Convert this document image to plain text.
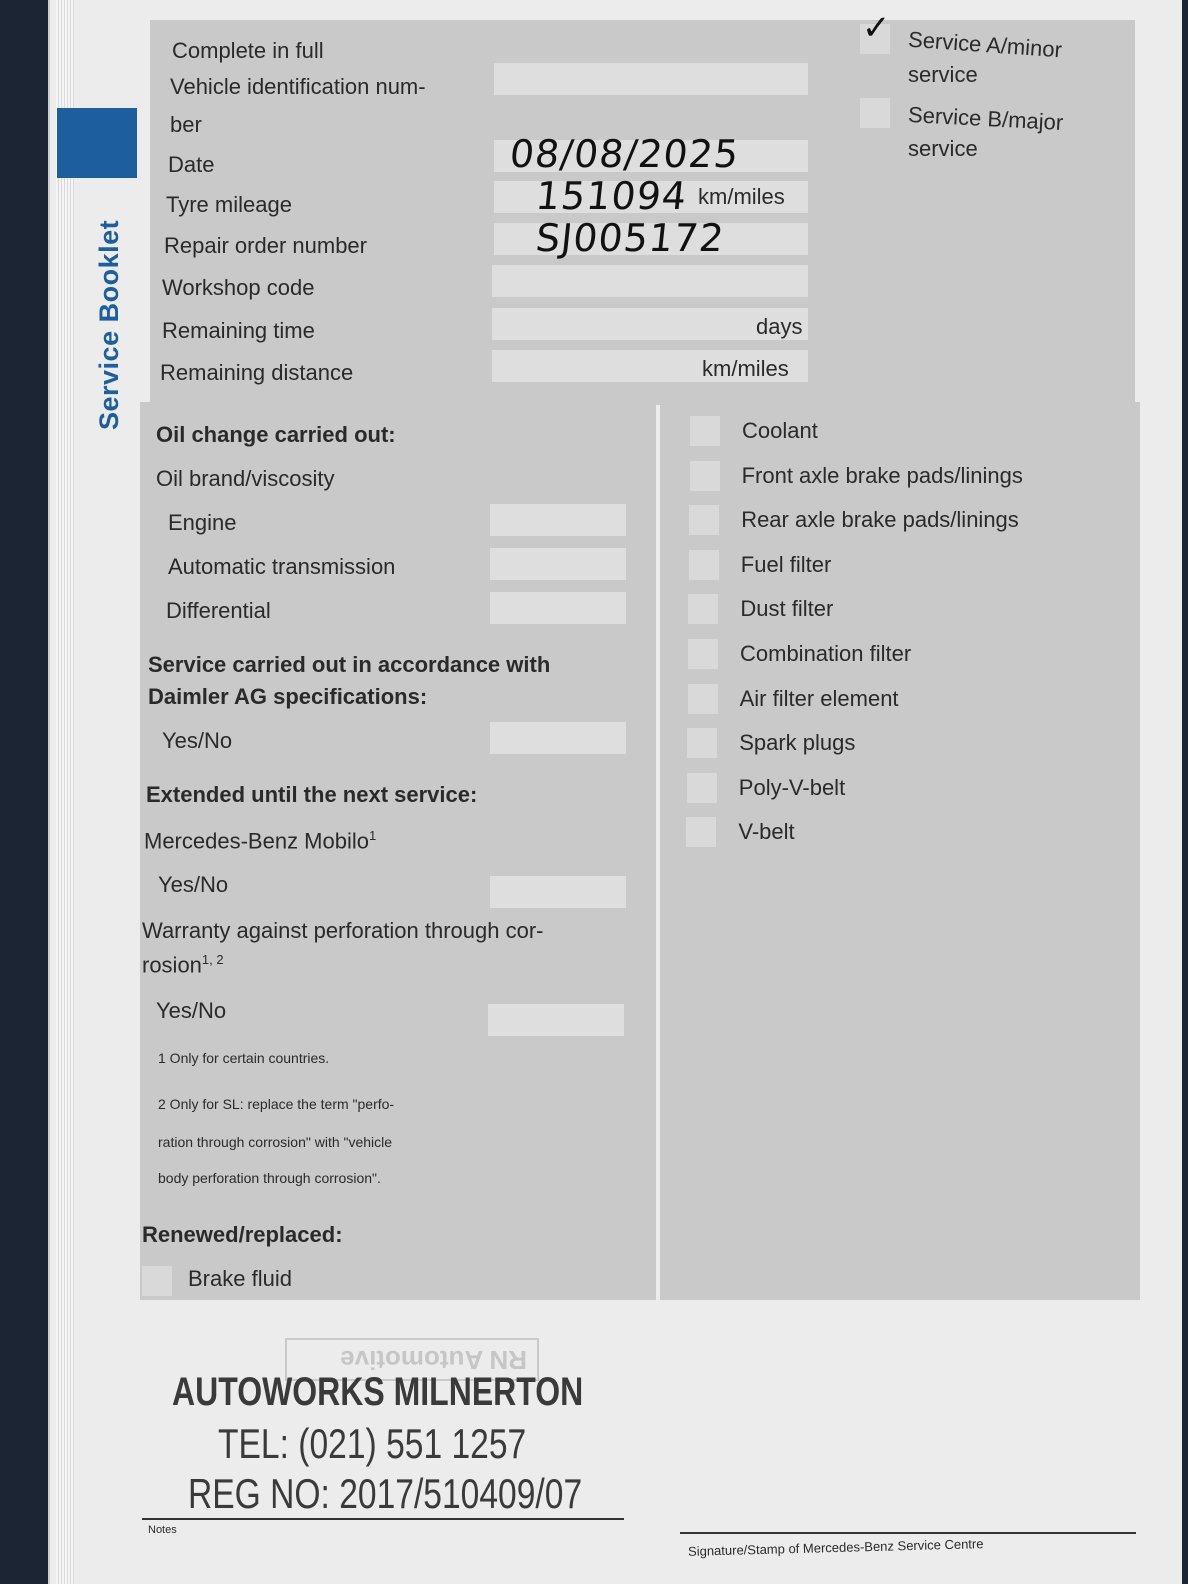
Service Booklet
Complete in full
Vehicle identification num-
ber
Date	08/08/2025
Tyre mileage	151094 km/miles
Repair order number	SJ005172
Workshop code
Remaining time	days
Remaining distance	km/miles
✓ Service A/minor
service
Service B/major
service
Oil change carried out:
Oil brand/viscosity
Engine
Automatic transmission
Differential
Service carried out in accordance with
Daimler AG specifications:
Yes/No
Extended until the next service:
Mercedes-Benz Mobilo$^1$
Yes/No
Warranty against perforation through cor-
rosion$^{1, 2}$
Yes/No
1 Only for certain countries.
2 Only for SL: replace the term "perfo-
ration through corrosion" with "vehicle
body perforation through corrosion".
Renewed/replaced:
Brake fluid
Coolant
Front axle brake pads/linings
Rear axle brake pads/linings
Fuel filter
Dust filter
Combination filter
Air filter element
Spark plugs
Poly-V-belt
V-belt
RN Automotive
AUTOWORKS MILNERTON
TEL: (021) 551 1257
REG NO: 2017/510409/07
Notes
Signature/Stamp of Mercedes-Benz Service Centre
